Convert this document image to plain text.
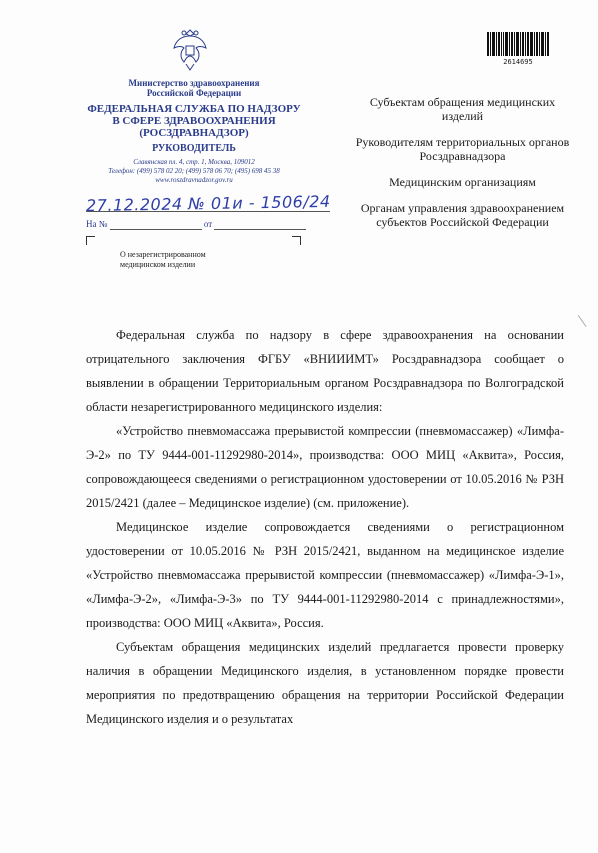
Министерство здравоохранения
Российской Федерации
ФЕДЕРАЛЬНАЯ СЛУЖБА ПО НАДЗОРУ
В СФЕРЕ ЗДРАВООХРАНЕНИЯ
(РОСЗДРАВНАДЗОР)
РУКОВОДИТЕЛЬ
Славянская пл. 4, стр. 1, Москва, 109012
Телефон: (499) 578 02 20; (499) 578 06 70; (495) 698 45 38
www.roszdravnadzor.gov.ru
27.12.2024 № 01и - 1506/24
На №	от
О незарегистрированном медицинском изделии
2614695
Субъектам обращения медицинских изделий
Руководителям территориальных органов Росздравнадзора
Медицинским организациям
Органам управления здравоохранением субъектов Российской Федерации

Федеральная служба по надзору в сфере здравоохранения на основании отрицательного заключения ФГБУ «ВНИИИМТ» Росздравнадзора сообщает о выявлении в обращении Территориальным органом Росздравнадзора по Волгоградской области незарегистрированного медицинского изделия:

«Устройство пневмомассажа прерывистой компрессии (пневмомассажер) «Лимфа-Э-2» по ТУ 9444-001-11292980-2014», производства: ООО МИЦ «Аквита», Россия, сопровождающееся сведениями о регистрационном удостоверении от 10.05.2016 № РЗН 2015/2421 (далее – Медицинское изделие) (см. приложение).

Медицинское изделие сопровождается сведениями о регистрационном удостоверении от 10.05.2016 № РЗН 2015/2421, выданном на медицинское изделие «Устройство пневмомассажа прерывистой компрессии (пневмомассажер) «Лимфа-Э-1», «Лимфа-Э-2», «Лимфа-Э-3» по ТУ 9444-001-11292980-2014 с принадлежностями», производства: ООО МИЦ «Аквита», Россия.

Субъектам обращения медицинских изделий предлагается провести проверку наличия в обращении Медицинского изделия, в установленном порядке провести мероприятия по предотвращению обращения на территории Российской Федерации Медицинского изделия и о результатах
